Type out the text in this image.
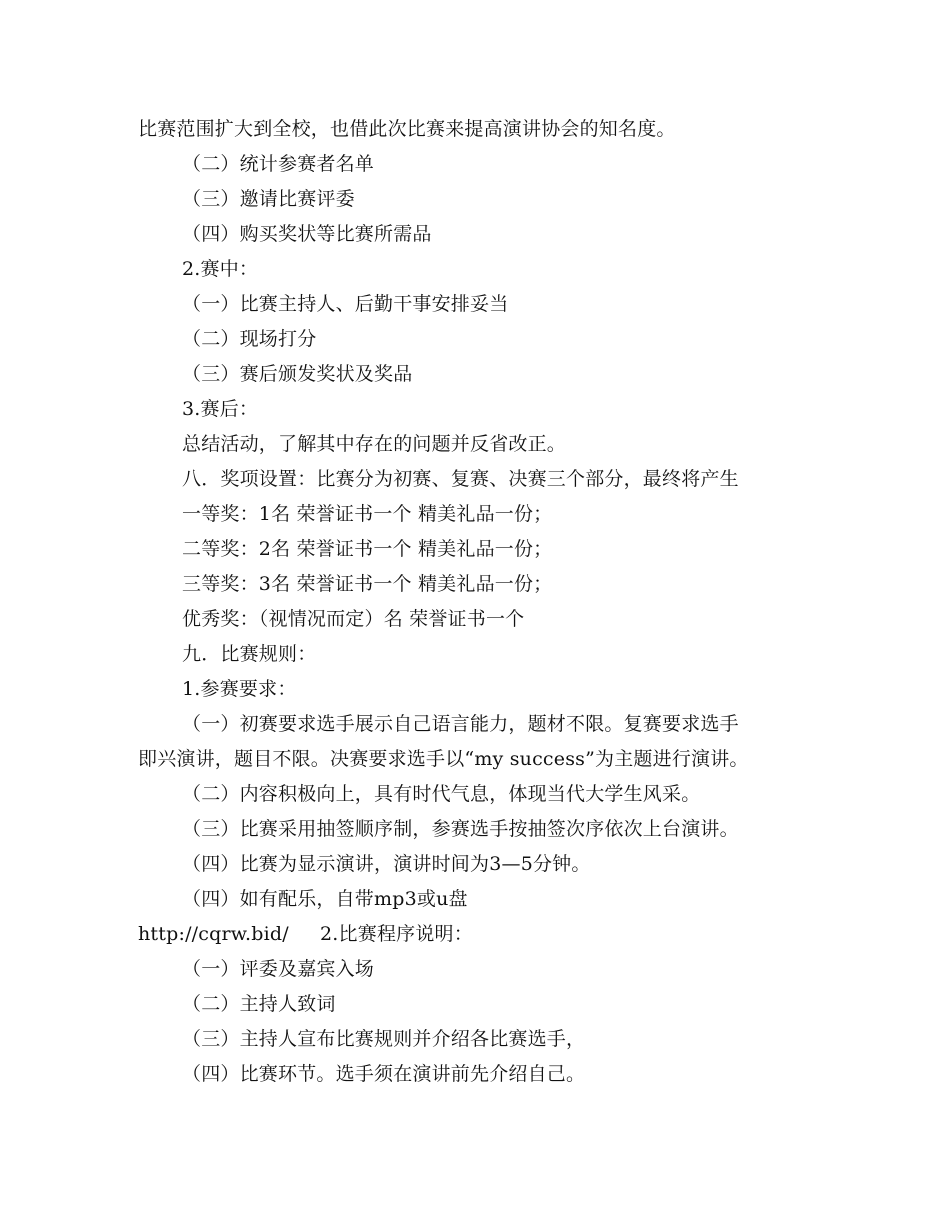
比赛范围扩大到全校，也借此次比赛来提高演讲协会的知名度。
（二）统计参赛者名单
（三）邀请比赛评委
（四）购买奖状等比赛所需品
2.赛中：
（一）比赛主持人、后勤干事安排妥当
（二）现场打分
（三）赛后颁发奖状及奖品
3.赛后：
总结活动，了解其中存在的问题并反省改正。
八．奖项设置：比赛分为初赛、复赛、决赛三个部分，最终将产生
一等奖：1名 荣誉证书一个 精美礼品一份；
二等奖：2名 荣誉证书一个 精美礼品一份；
三等奖：3名 荣誉证书一个 精美礼品一份；
优秀奖：（视情况而定）名 荣誉证书一个
九．比赛规则：
1.参赛要求：
（一）初赛要求选手展示自己语言能力，题材不限。复赛要求选手
即兴演讲，题目不限。决赛要求选手以“my success”为主题进行演讲。
（二）内容积极向上，具有时代气息，体现当代大学生风采。
（三）比赛采用抽签顺序制，参赛选手按抽签次序依次上台演讲。
（四）比赛为显示演讲，演讲时间为3—5分钟。
（四）如有配乐，自带mp3或u盘
http://cqrw.bid/ 2.比赛程序说明：
（一）评委及嘉宾入场
（二）主持人致词
（三）主持人宣布比赛规则并介绍各比赛选手，
（四）比赛环节。选手须在演讲前先介绍自己。
